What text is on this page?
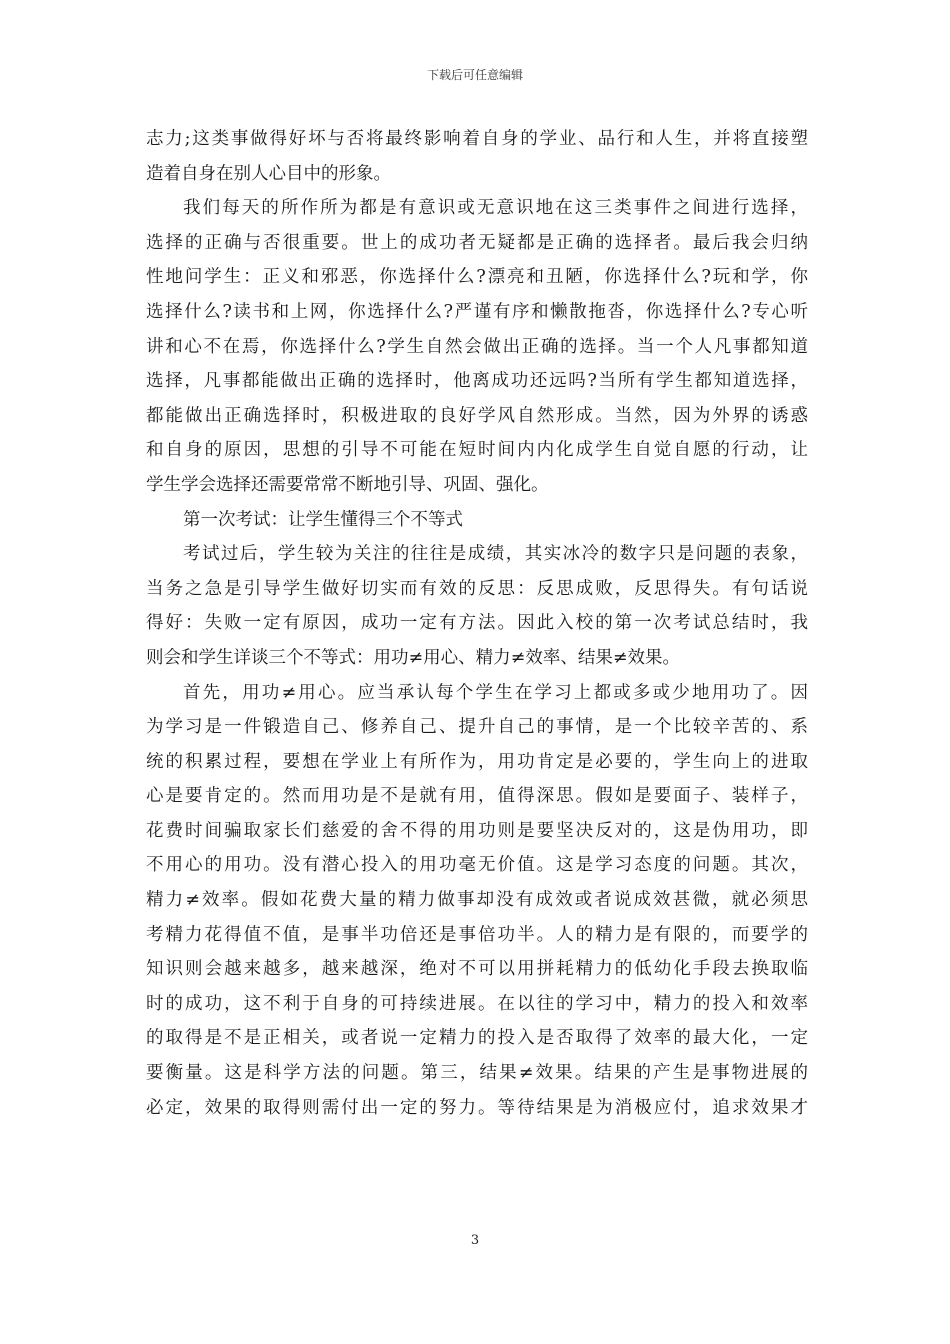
下载后可任意编辑
志力;这类事做得好坏与否将最终影响着自身的学业、品行和人生，并将直接塑
造着自身在别人心目中的形象。
我们每天的所作所为都是有意识或无意识地在这三类事件之间进行选择，
选择的正确与否很重要。世上的成功者无疑都是正确的选择者。最后我会归纳
性地问学生：正义和邪恶，你选择什么?漂亮和丑陋，你选择什么?玩和学，你
选择什么?读书和上网，你选择什么?严谨有序和懒散拖沓，你选择什么?专心听
讲和心不在焉，你选择什么?学生自然会做出正确的选择。当一个人凡事都知道
选择，凡事都能做出正确的选择时，他离成功还远吗?当所有学生都知道选择，
都能做出正确选择时，积极进取的良好学风自然形成。当然，因为外界的诱惑
和自身的原因，思想的引导不可能在短时间内内化成学生自觉自愿的行动，让
学生学会选择还需要常常不断地引导、巩固、强化。
第一次考试：让学生懂得三个不等式
考试过后，学生较为关注的往往是成绩，其实冰冷的数字只是问题的表象，
当务之急是引导学生做好切实而有效的反思：反思成败，反思得失。有句话说
得好：失败一定有原因，成功一定有方法。因此入校的第一次考试总结时，我
则会和学生详谈三个不等式：用功≠用心、精力≠效率、结果≠效果。
首先，用功≠用心。应当承认每个学生在学习上都或多或少地用功了。因
为学习是一件锻造自己、修养自己、提升自己的事情，是一个比较辛苦的、系
统的积累过程，要想在学业上有所作为，用功肯定是必要的，学生向上的进取
心是要肯定的。然而用功是不是就有用，值得深思。假如是要面子、装样子，
花费时间骗取家长们慈爱的舍不得的用功则是要坚决反对的，这是伪用功，即
不用心的用功。没有潜心投入的用功毫无价值。这是学习态度的问题。其次，
精力≠效率。假如花费大量的精力做事却没有成效或者说成效甚微，就必须思
考精力花得值不值，是事半功倍还是事倍功半。人的精力是有限的，而要学的
知识则会越来越多，越来越深，绝对不可以用拼耗精力的低幼化手段去换取临
时的成功，这不利于自身的可持续进展。在以往的学习中，精力的投入和效率
的取得是不是正相关，或者说一定精力的投入是否取得了效率的最大化，一定
要衡量。这是科学方法的问题。第三，结果≠效果。结果的产生是事物进展的
必定，效果的取得则需付出一定的努力。等待结果是为消极应付，追求效果才
3
